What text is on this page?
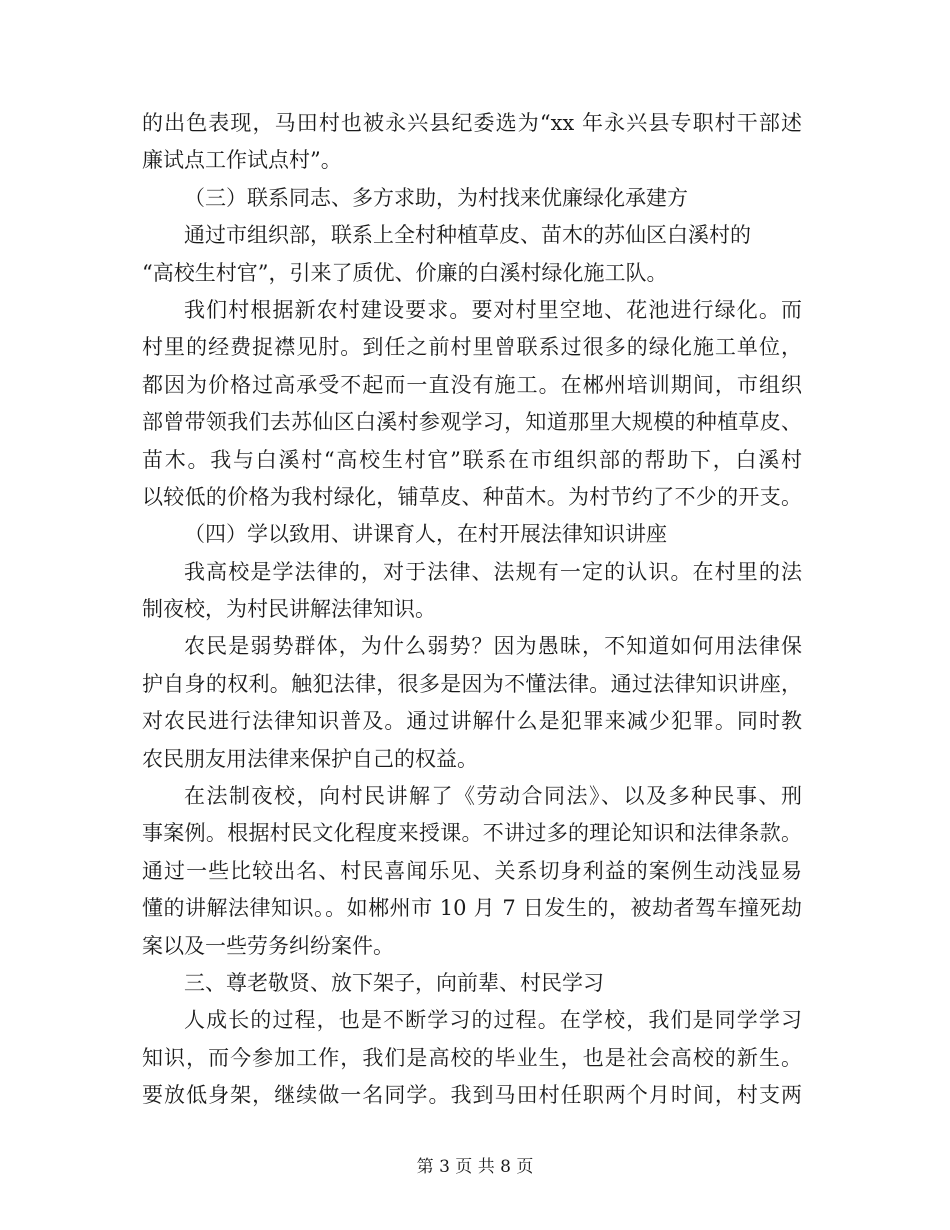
的出色表现，马田村也被永兴县纪委选为“xx 年永兴县专职村干部述
廉试点工作试点村”。
（三）联系同志、多方求助，为村找来优廉绿化承建方
通过市组织部，联系上全村种植草皮、苗木的苏仙区白溪村的
“高校生村官”，引来了质优、价廉的白溪村绿化施工队。
我们村根据新农村建设要求。要对村里空地、花池进行绿化。而
村里的经费捉襟见肘。到任之前村里曾联系过很多的绿化施工单位，
都因为价格过高承受不起而一直没有施工。在郴州培训期间，市组织
部曾带领我们去苏仙区白溪村参观学习，知道那里大规模的种植草皮、
苗木。我与白溪村“高校生村官”联系在市组织部的帮助下，白溪村
以较低的价格为我村绿化，铺草皮、种苗木。为村节约了不少的开支。
（四）学以致用、讲课育人，在村开展法律知识讲座
我高校是学法律的，对于法律、法规有一定的认识。在村里的法
制夜校，为村民讲解法律知识。
农民是弱势群体，为什么弱势？因为愚昧，不知道如何用法律保
护自身的权利。触犯法律，很多是因为不懂法律。通过法律知识讲座，
对农民进行法律知识普及。通过讲解什么是犯罪来减少犯罪。同时教
农民朋友用法律来保护自己的权益。
在法制夜校，向村民讲解了《劳动合同法》、以及多种民事、刑
事案例。根据村民文化程度来授课。不讲过多的理论知识和法律条款。
通过一些比较出名、村民喜闻乐见、关系切身利益的案例生动浅显易
懂的讲解法律知识。。如郴州市 10 月 7 日发生的，被劫者驾车撞死劫
案以及一些劳务纠纷案件。
三、尊老敬贤、放下架子，向前辈、村民学习
人成长的过程，也是不断学习的过程。在学校，我们是同学学习
知识，而今参加工作，我们是高校的毕业生，也是社会高校的新生。
要放低身架，继续做一名同学。我到马田村任职两个月时间，村支两
第 3 页 共 8 页
